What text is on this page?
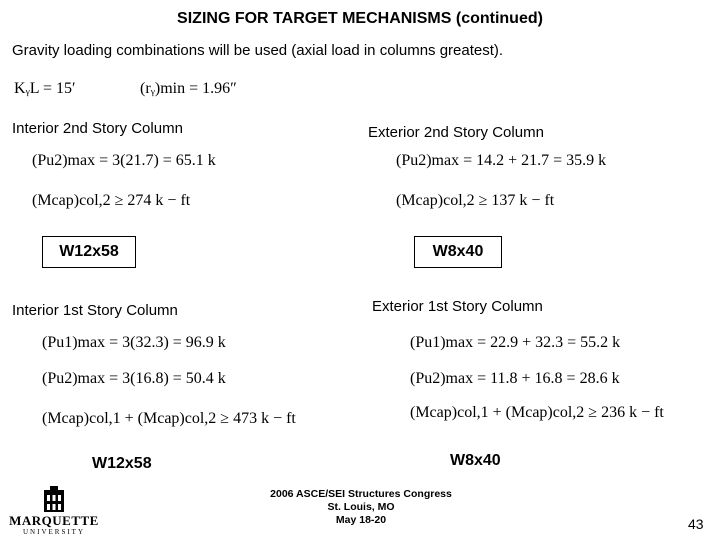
SIZING FOR TARGET MECHANISMS (continued)
Gravity loading combinations will be used (axial load in columns greatest).
KᵧL = 15′	(rᵧ)min = 1.96″
Interior 2nd Story Column
(Pu2)max = 3(21.7) = 65.1 k
(Mcap)col,2 ≥ 274 k − ft
W12x58
Exterior 2nd Story Column
(Pu2)max = 14.2 + 21.7 = 35.9 k
(Mcap)col,2 ≥ 137 k − ft
W8x40
Interior 1st Story Column
(Pu1)max = 3(32.3) = 96.9 k
(Pu2)max = 3(16.8) = 50.4 k
(Mcap)col,1 + (Mcap)col,2 ≥ 473 k − ft
W12x58
Exterior 1st Story Column
(Pu1)max = 22.9 + 32.3 = 55.2 k
(Pu2)max = 11.8 + 16.8 = 28.6 k
(Mcap)col,1 + (Mcap)col,2 ≥ 236 k − ft
W8x40
MARQUETTE
UNIVERSITY
2006 ASCE/SEI Structures Congress
St. Louis, MO
May 18-20	43
